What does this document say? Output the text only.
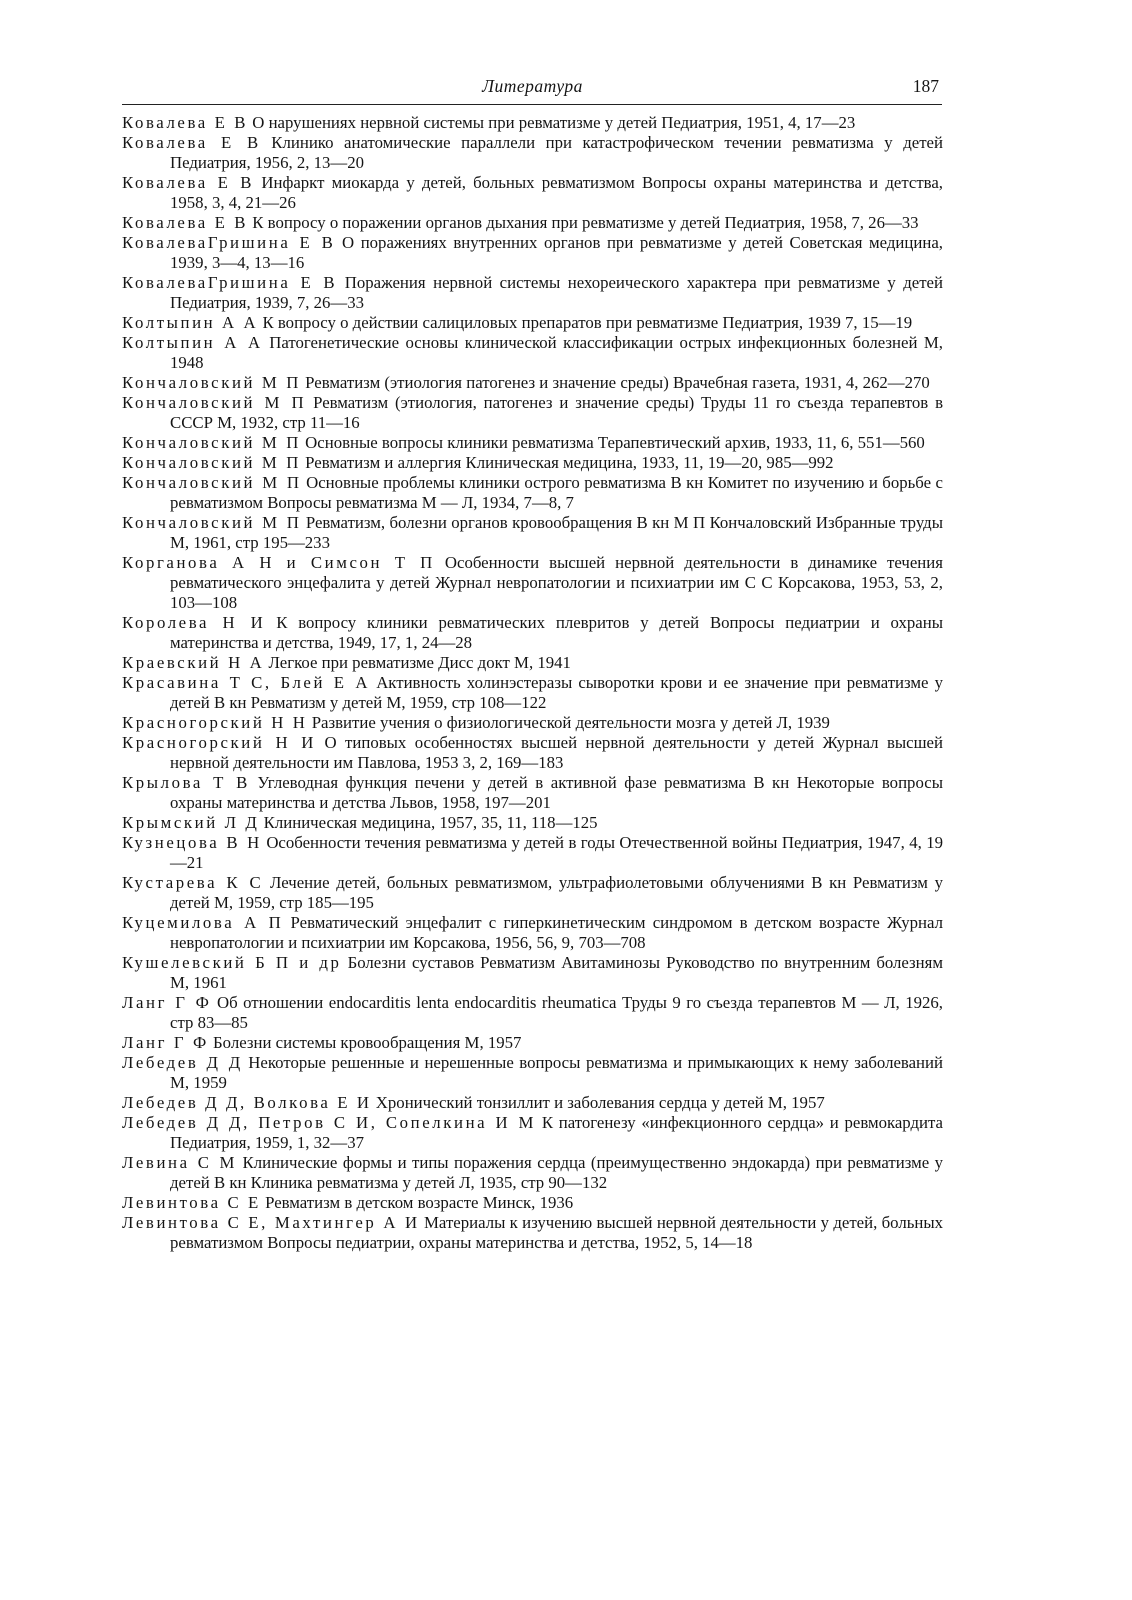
Литература	187
Ковалева Е В О нарушениях нервной системы при ревматизме у детей Педиатрия, 1951, 4, 17—23
Ковалева Е В Клинико анатомические параллели при катастрофическом течении ревматизма у детей Педиатрия, 1956, 2, 13—20
Ковалева Е В Инфаркт миокарда у детей, больных ревматизмом Вопросы охраны материнства и детства, 1958, 3, 4, 21—26
Ковалева Е В К вопросу о поражении органов дыхания при ревматизме у детей Педиатрия, 1958, 7, 26—33
КовалеваГришина Е В О поражениях внутренних органов при ревматизме у детей Советская медицина, 1939, 3—4, 13—16
КовалеваГришина Е В Поражения нервной системы нехореического характера при ревматизме у детей Педиатрия, 1939, 7, 26—33
Колтыпин А А К вопросу о действии салициловых препаратов при ревматизме Педиатрия, 1939 7, 15—19
Колтыпин А А Патогенетические основы клинической классификации острых инфекционных болезней М, 1948
Кончаловский М П Ревматизм (этиология патогенез и значение среды) Врачебная газета, 1931, 4, 262—270
Кончаловский М П Ревматизм (этиология, патогенез и значение среды) Труды 11 го съезда терапевтов в СССР М, 1932, стр 11—16
Кончаловский М П Основные вопросы клиники ревматизма Терапевтический архив, 1933, 11, 6, 551—560
Кончаловский М П Ревматизм и аллергия Клиническая медицина, 1933, 11, 19—20, 985—992
Кончаловский М П Основные проблемы клиники острого ревматизма В кн Комитет по изучению и борьбе с ревматизмом Вопросы ревматизма М — Л, 1934, 7—8, 7
Кончаловский М П Ревматизм, болезни органов кровообращения В кн М П Кончаловский Избранные труды М, 1961, стр 195—233
Корганова А Н и Симсон Т П Особенности высшей нервной деятельности в динамике течения ревматического энцефалита у детей Журнал невропатологии и психиатрии им С С Корсакова, 1953, 53, 2, 103—108
Королева Н И К вопросу клиники ревматических плевритов у детей Вопросы педиатрии и охраны материнства и детства, 1949, 17, 1, 24—28
Краевский Н А Легкое при ревматизме Дисс докт М, 1941
Красавина Т С, Блей Е А Активность холинэстеразы сыворотки крови и ее значение при ревматизме у детей В кн Ревматизм у детей М, 1959, стр 108—122
Красногорский Н Н Развитие учения о физиологической деятельности мозга у детей Л, 1939
Красногорский Н И О типовых особенностях высшей нервной деятельности у детей Журнал высшей нервной деятельности им Павлова, 1953 3, 2, 169—183
Крылова Т В Углеводная функция печени у детей в активной фазе ревматизма В кн Некоторые вопросы охраны материнства и детства Львов, 1958, 197—201
Крымский Л Д Клиническая медицина, 1957, 35, 11, 118—125
Кузнецова В Н Особенности течения ревматизма у детей в годы Отечественной войны Педиатрия, 1947, 4, 19—21
Кустарева К С Лечение детей, больных ревматизмом, ультрафиолетовыми облучениями В кн Ревматизм у детей М, 1959, стр 185—195
Куцемилова А П Ревматический энцефалит с гиперкинетическим синдромом в детском возрасте Журнал невропатологии и психиатрии им Корсакова, 1956, 56, 9, 703—708
Кушелевский Б П и др Болезни суставов Ревматизм Авитаминозы Руководство по внутренним болезням М, 1961
Ланг Г Ф Об отношении endocarditis lenta endocarditis rheumatica Труды 9 го съезда терапевтов М — Л, 1926, стр 83—85
Ланг Г Ф Болезни системы кровообращения М, 1957
Лебедев Д Д Некоторые решенные и нерешенные вопросы ревматизма и примыкающих к нему заболеваний М, 1959
Лебедев Д Д, Волкова Е И Хронический тонзиллит и заболевания сердца у детей М, 1957
Лебедев Д Д, Петров С И, Сопелкина И М К патогенезу «инфекционного сердца» и ревмокардита Педиатрия, 1959, 1, 32—37
Левина С М Клинические формы и типы поражения сердца (преимущественно эндокарда) при ревматизме у детей В кн Клиника ревматизма у детей Л, 1935, стр 90—132
Левинтова С Е Ревматизм в детском возрасте Минск, 1936
Левинтова С Е, Махтингер А И Материалы к изучению высшей нервной деятельности у детей, больных ревматизмом Вопросы педиатрии, охраны материнства и детства, 1952, 5, 14—18
